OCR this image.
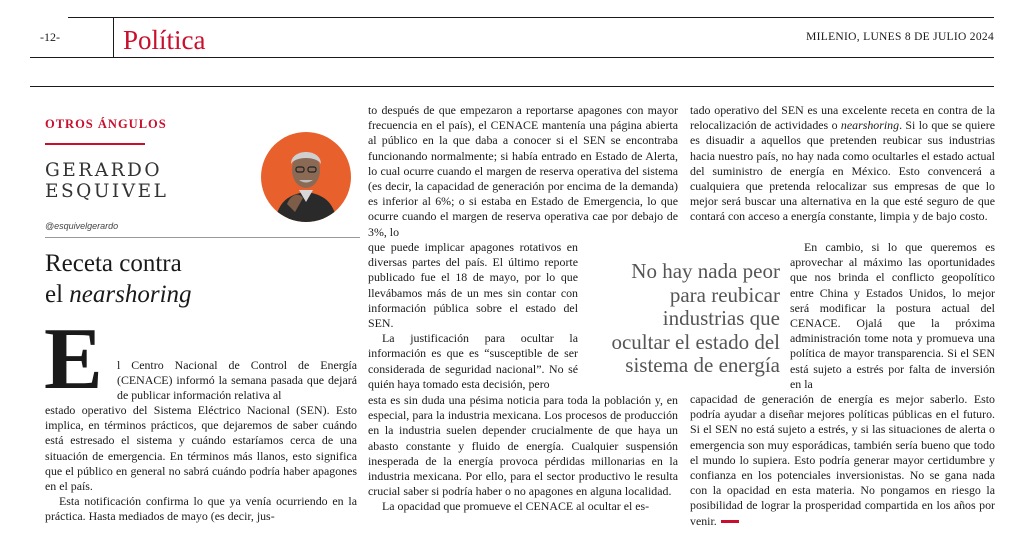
-12- Política	MILENIO, LUNES 8 DE JULIO 2024
OTROS ÁNGULOS
GERARDO
ESQUIVEL
@esquivelgerardo
Receta contra
el nearshoring
E l Centro Nacional de Control de Energía (CENACE) informó la semana pasada que dejará de publicar información relativa al

estado operativo del Sistema Eléctrico Nacional (SEN). Esto implica, en términos prácticos, que dejaremos de saber cuándo está estresado el sistema y cuándo estaríamos cerca de una situación de emergencia. En términos más llanos, esto significa que el público en general no sabrá cuándo podría haber apagones en el país.

Esta notificación confirma lo que ya venía ocurriendo en la práctica. Hasta mediados de mayo (es decir, jus-

to después de que empezaron a reportarse apagones con mayor frecuencia en el país), el CENACE mantenía una página abierta al público en la que daba a conocer si el SEN se encontraba funcionando normalmente; si había entrado en Estado de Alerta, lo cual ocurre cuando el margen de reserva operativa del sistema (es decir, la capacidad de generación por encima de la demanda) es inferior al 6%; o si estaba en Estado de Emergencia, lo que ocurre cuando el margen de reserva operativa cae por debajo de 3%, lo

que puede implicar apagones rotativos en diversas partes del país. El último reporte publicado fue el 18 de mayo, por lo que llevábamos más de un mes sin contar con información pública sobre el estado del SEN.

La justificación para ocultar la información es que es “susceptible de ser considerada de seguridad nacional”. No sé quién haya tomado esta decisión, pero

esta es sin duda una pésima noticia para toda la población y, en especial, para la industria mexicana. Los procesos de producción en la industria suelen depender crucialmente de que haya un abasto constante y fluido de energía. Cualquier suspensión inesperada de la energía provoca pérdidas millonarias en la industria mexicana. Por ello, para el sector productivo le resulta crucial saber si podría haber o no apagones en alguna localidad.

La opacidad que promueve el CENACE al ocultar el es-

No hay nada peor para reubicar industrias que ocultar el estado del sistema de energía

tado operativo del SEN es una excelente receta en contra de la relocalización de actividades o nearshoring. Si lo que se quiere es disuadir a aquellos que pretenden reubicar sus industrias hacia nuestro país, no hay nada como ocultarles el estado actual del suministro de energía en México. Esto convencerá a cualquiera que pretenda relocalizar sus empresas de que lo mejor será buscar una alternativa en la que esté seguro de que contará con acceso a energía constante, limpia y de bajo costo.

En cambio, si lo que queremos es aprovechar al máximo las oportunidades que nos brinda el conflicto geopolítico entre China y Estados Unidos, lo mejor será modificar la postura actual del CENACE. Ojalá que la próxima administración tome nota y promueva una política de mayor transparencia. Si el SEN está sujeto a estrés por falta de inversión en la

capacidad de generación de energía es mejor saberlo. Esto podría ayudar a diseñar mejores políticas públicas en el futuro. Si el SEN no está sujeto a estrés, y si las situaciones de alerta o emergencia son muy esporádicas, también sería bueno que todo el mundo lo supiera. Esto podría generar mayor certidumbre y confianza en los potenciales inversionistas. No se gana nada con la opacidad en esta materia. No pongamos en riesgo la posibilidad de lograr la prosperidad compartida en los años por venir.
